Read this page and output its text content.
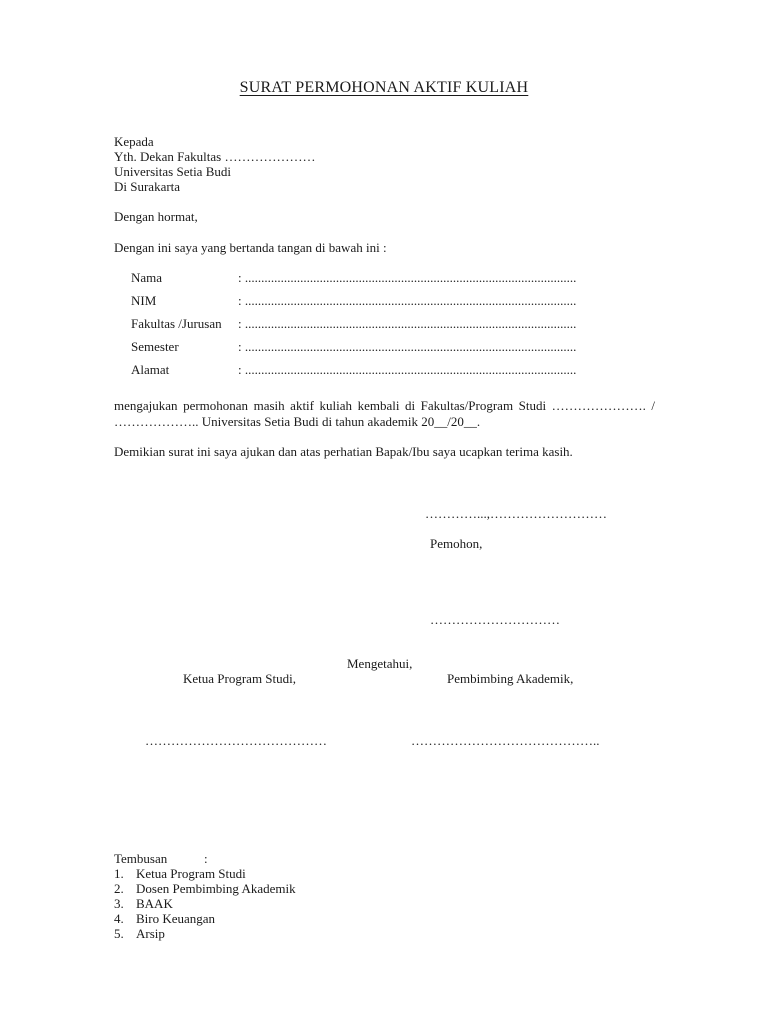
SURAT PERMOHONAN AKTIF KULIAH
Kepada
Yth. Dekan Fakultas …………………
Universitas Setia Budi
Di Surakarta
Dengan hormat,
Dengan ini saya yang bertanda tangan di bawah ini :
Nama	: ......................................................................................................
NIM	: ......................................................................................................
Fakultas /Jurusan : ......................................................................................................
Semester	: ......................................................................................................
Alamat	: ......................................................................................................
mengajukan permohonan masih aktif kuliah kembali di Fakultas/Program Studi …………………. / ……………….. Universitas Setia Budi di tahun akademik 20__/20__.
Demikian surat ini saya ajukan dan atas perhatian Bapak/Ibu saya ucapkan terima kasih.
…………...,………………………
Pemohon,
…………………………
Mengetahui,
Ketua Program Studi,	Pembimbing Akademik,
……………………………………	……………………………………..
Tembusan	:
1. Ketua Program Studi
2. Dosen Pembimbing Akademik
3. BAAK
4. Biro Keuangan
5. Arsip
